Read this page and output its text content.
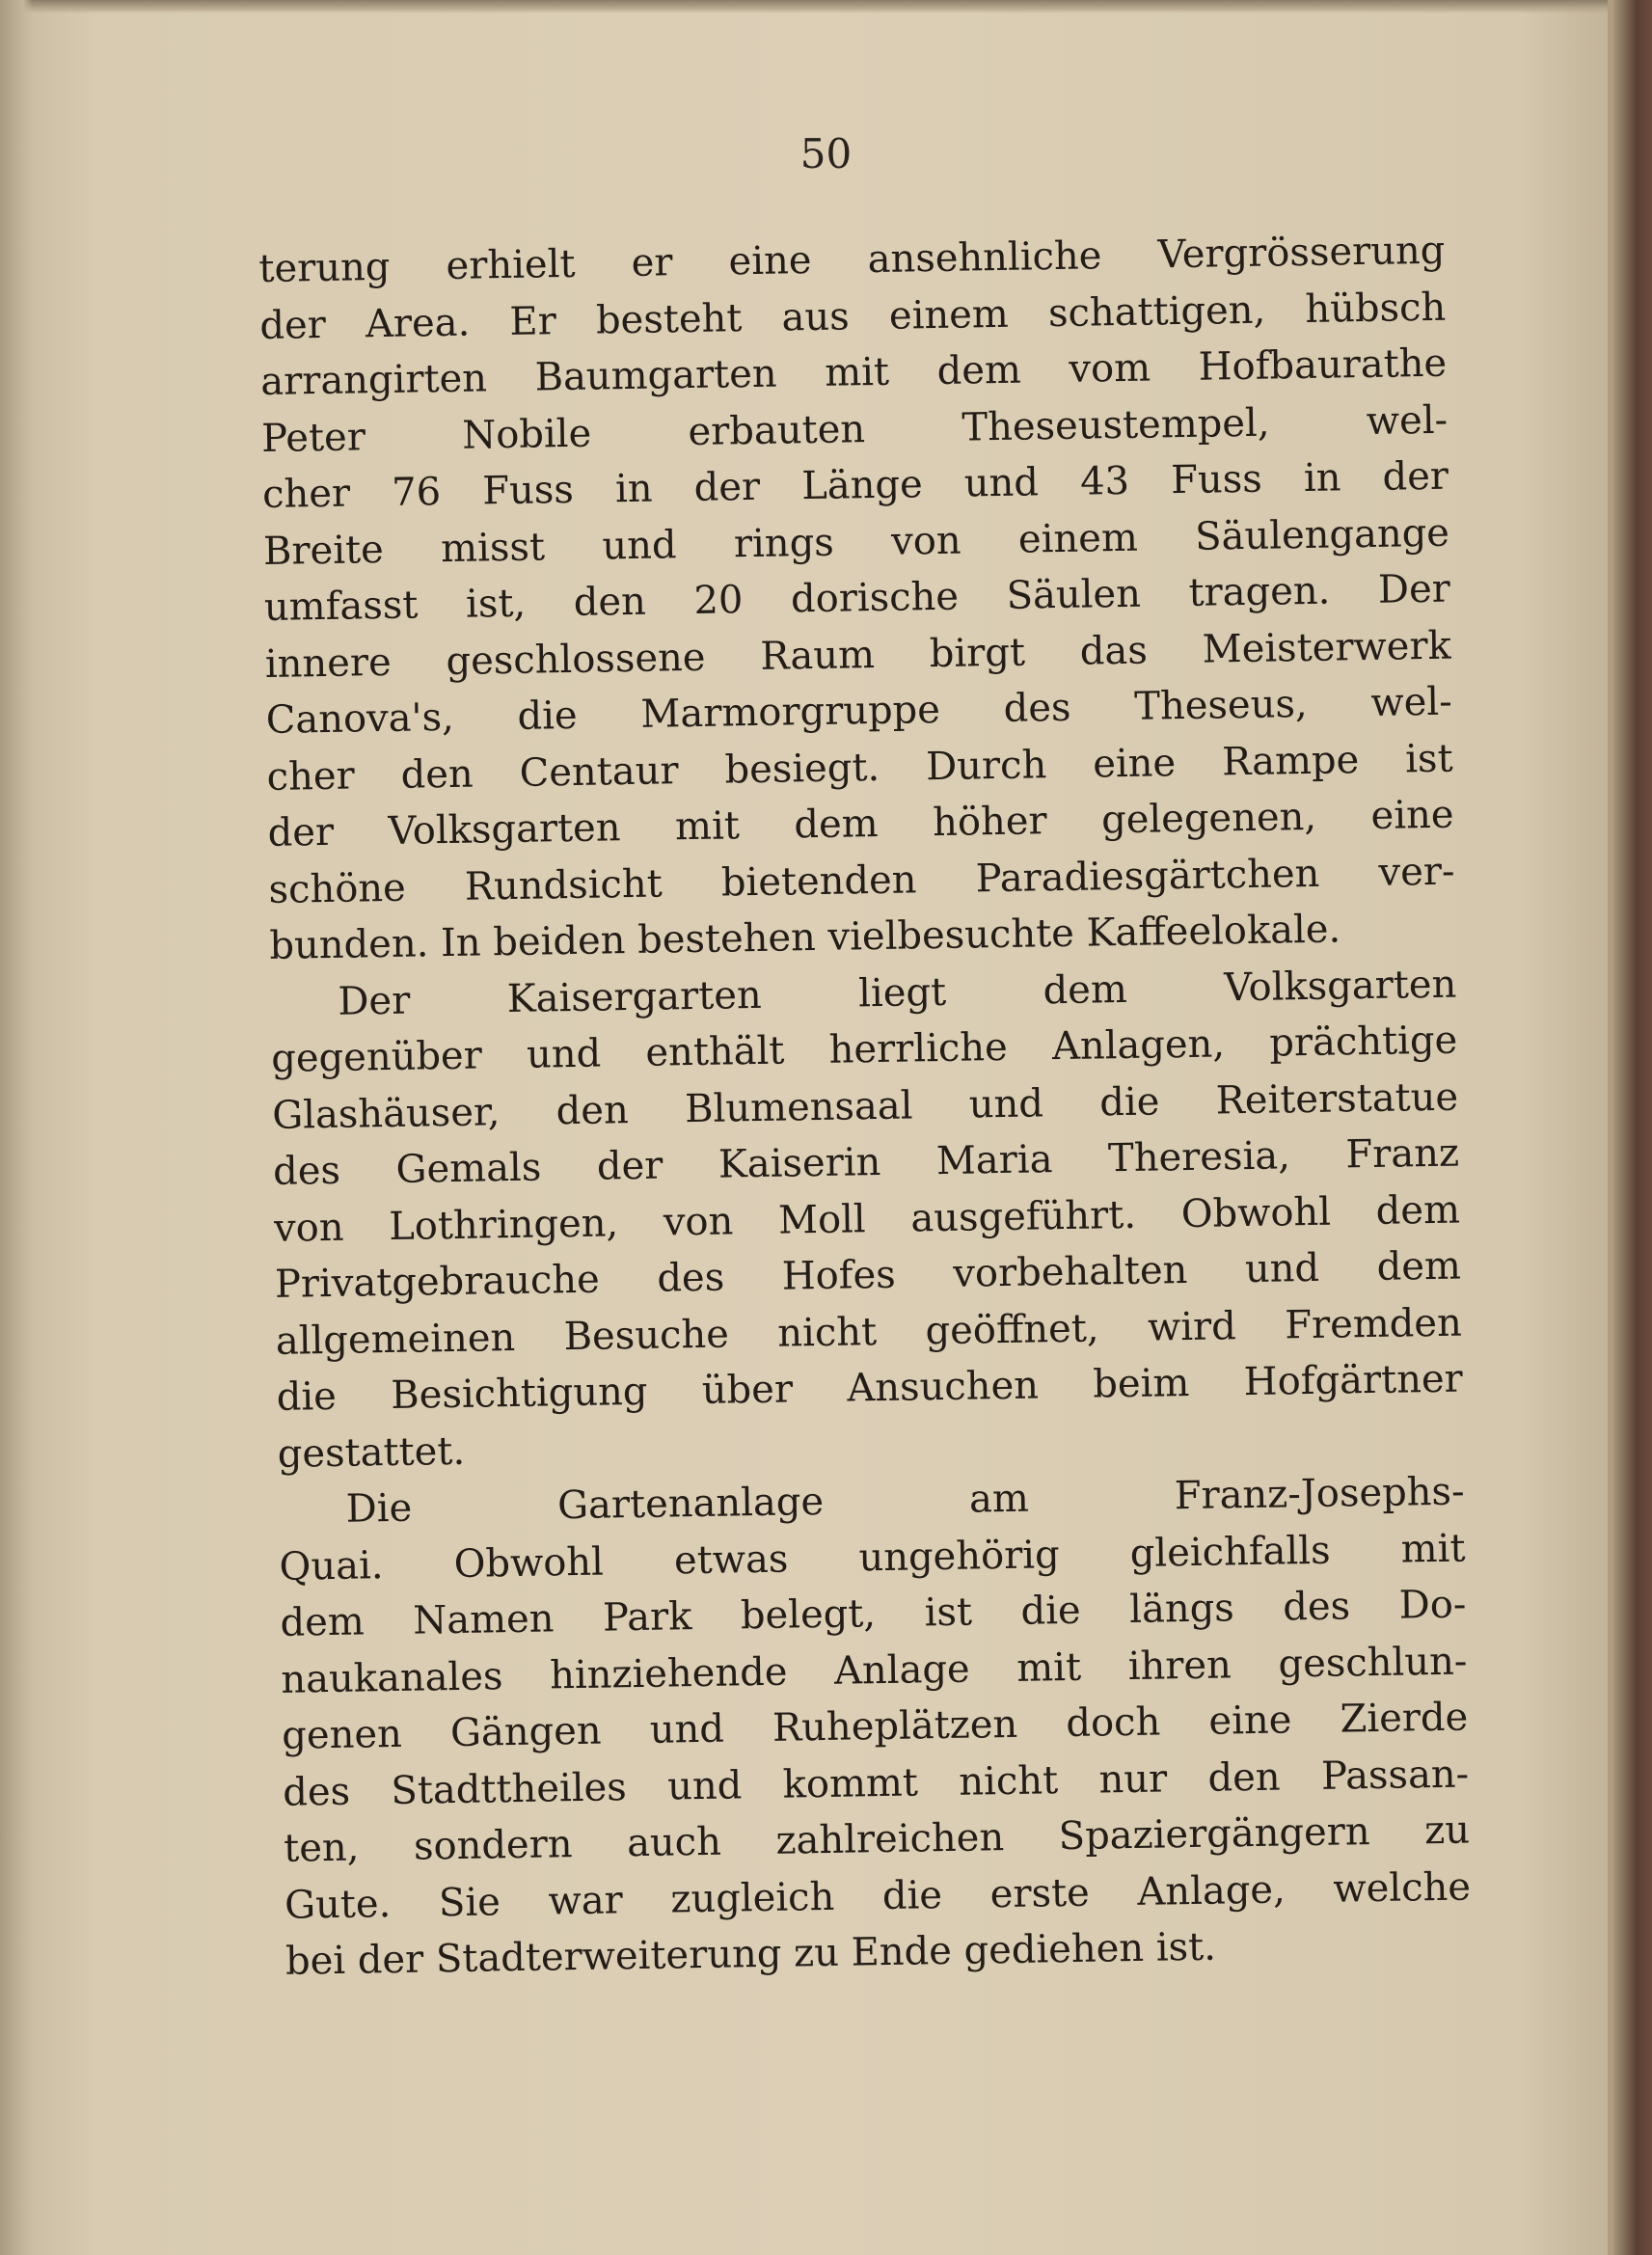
50

terung erhielt er eine ansehnliche Vergrösserung

der Area. Er besteht aus einem schattigen, hübsch

arrangirten Baumgarten mit dem vom Hofbaurathe

Peter Nobile erbauten Theseustempel, wel-

cher 76 Fuss in der Länge und 43 Fuss in der

Breite misst und rings von einem Säulengange

umfasst ist, den 20 dorische Säulen tragen. Der

innere geschlossene Raum birgt das Meisterwerk

Canova's, die Marmorgruppe des Theseus, wel-

cher den Centaur besiegt. Durch eine Rampe ist

der Volksgarten mit dem höher gelegenen, eine

schöne Rundsicht bietenden Paradiesgärtchen ver-

bunden. In beiden bestehen vielbesuchte Kaffeelokale.

Der Kaisergarten liegt dem Volksgarten

gegenüber und enthält herrliche Anlagen, prächtige

Glashäuser, den Blumensaal und die Reiterstatue

des Gemals der Kaiserin Maria Theresia, Franz

von Lothringen, von Moll ausgeführt. Obwohl dem

Privatgebrauche des Hofes vorbehalten und dem

allgemeinen Besuche nicht geöffnet, wird Fremden

die Besichtigung über Ansuchen beim Hofgärtner

gestattet.

Die Gartenanlage am Franz-Josephs-

Quai. Obwohl etwas ungehörig gleichfalls mit

dem Namen Park belegt, ist die längs des Do-

naukanales hinziehende Anlage mit ihren geschlun-

genen Gängen und Ruheplätzen doch eine Zierde

des Stadttheiles und kommt nicht nur den Passan-

ten, sondern auch zahlreichen Spaziergängern zu

Gute. Sie war zugleich die erste Anlage, welche

bei der Stadterweiterung zu Ende gediehen ist.
